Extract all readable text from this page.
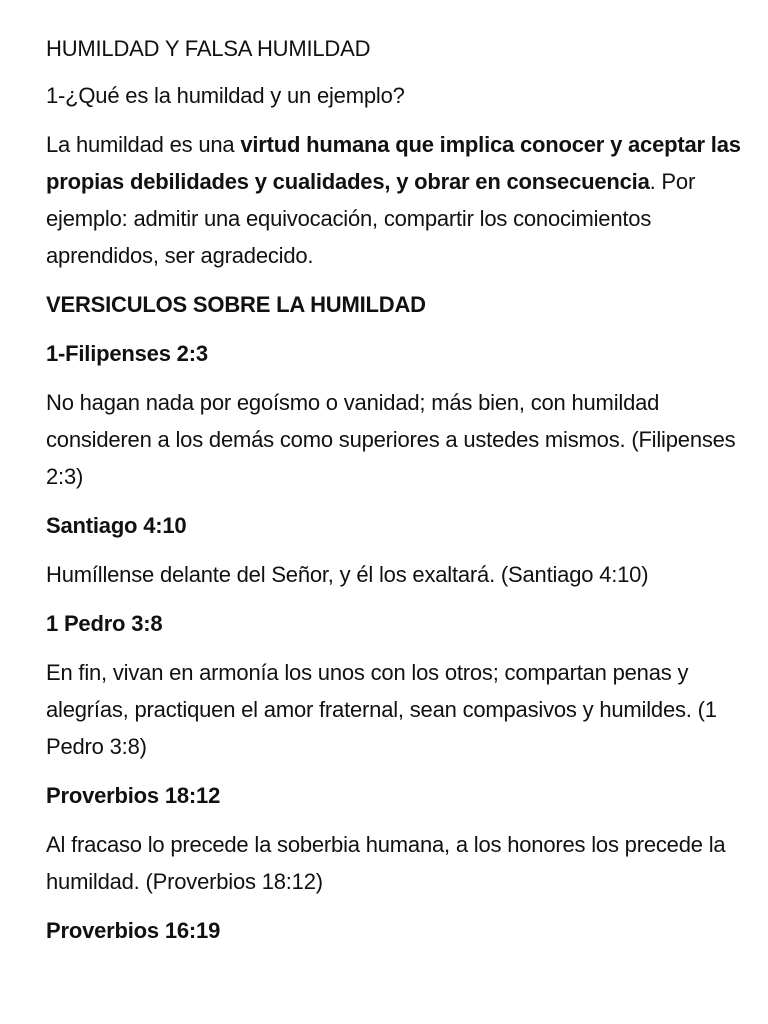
HUMILDAD Y FALSA HUMILDAD

1-¿Qué es la humildad y un ejemplo?

La humildad es una virtud humana que implica conocer y aceptar las propias debilidades y cualidades, y obrar en consecuencia. Por ejemplo: admitir una equivocación, compartir los conocimientos aprendidos, ser agradecido.

VERSICULOS SOBRE LA HUMILDAD

1-Filipenses 2:3

No hagan nada por egoísmo o vanidad; más bien, con humildad consideren a los demás como superiores a ustedes mismos. (Filipenses 2:3)

Santiago 4:10

Humíllense delante del Señor, y él los exaltará. (Santiago 4:10)

1 Pedro 3:8

En fin, vivan en armonía los unos con los otros; compartan penas y alegrías, practiquen el amor fraternal, sean compasivos y humildes. (1 Pedro 3:8)

Proverbios 18:12

Al fracaso lo precede la soberbia humana, a los honores los precede la humildad. (Proverbios 18:12)

Proverbios 16:19
